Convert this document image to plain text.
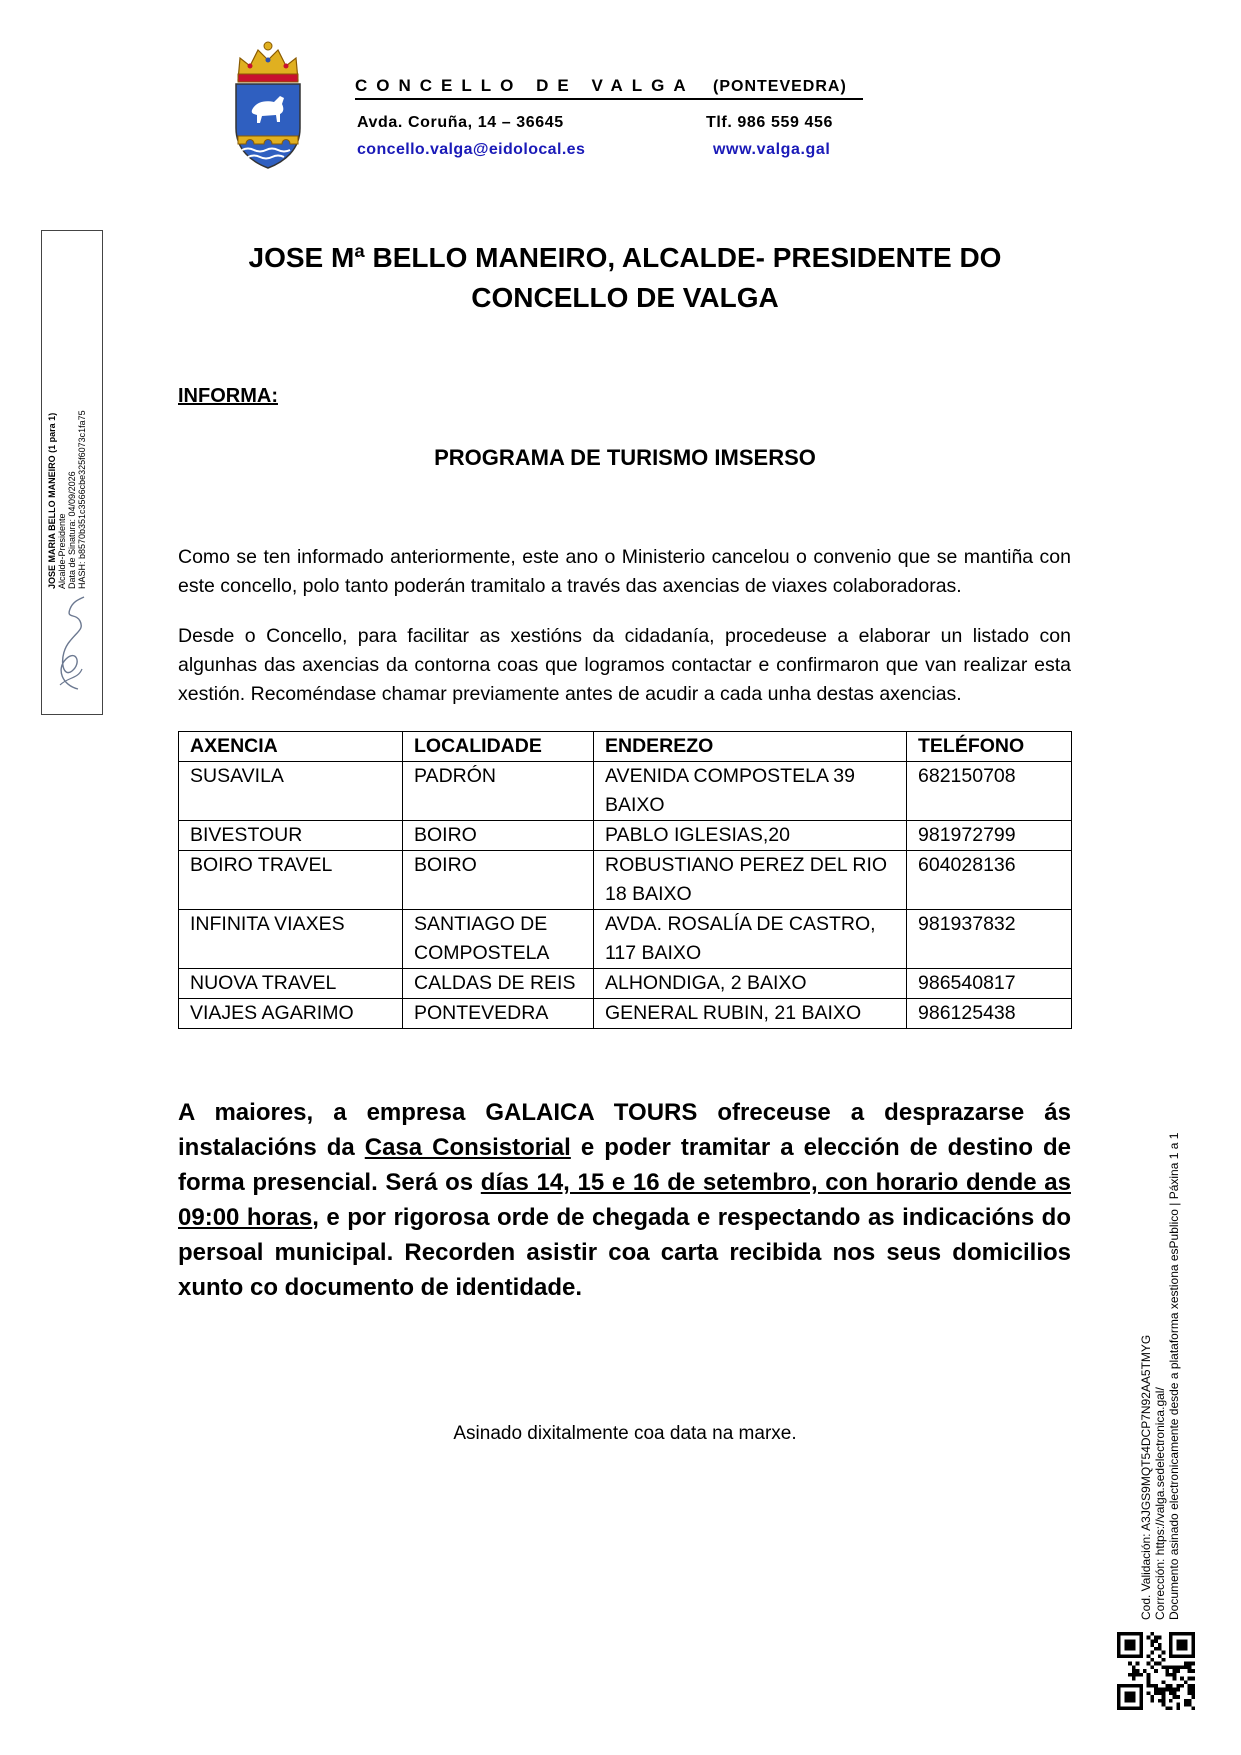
CONCELLO DE VALGA (PONTEVEDRA)
Avda. Coruña, 14 – 36645	Tlf. 986 559 456
concello.valga@eidolocal.es	www.valga.gal
JOSE MARIA BELLO MANEIRO (1 para 1) Alcalde-Presidente Data de Sinatura: 04/09/2026 HASH: b8570b351c3566cbe325f6073c1fa75
JOSE Mª BELLO MANEIRO, ALCALDE- PRESIDENTE DO
CONCELLO DE VALGA
INFORMA:
PROGRAMA DE TURISMO IMSERSO
Como se ten informado anteriormente, este ano o Ministerio cancelou o convenio que se mantiña con este concello, polo tanto poderán tramitalo a través das axencias de viaxes colaboradoras.
Desde o Concello, para facilitar as xestións da cidadanía, procedeuse a elaborar un listado con algunhas das axencias da contorna coas que logramos contactar e confirmaron que van realizar esta xestión. Recoméndase chamar previamente antes de acudir a cada unha destas axencias.
AXENCIA	LOCALIDADE	ENDEREZO	TELÉFONO
SUSAVILA	PADRÓN	AVENIDA COMPOSTELA 39 BAIXO	682150708
BIVESTOUR	BOIRO	PABLO IGLESIAS,20	981972799
BOIRO TRAVEL	BOIRO	ROBUSTIANO PEREZ DEL RIO 18 BAIXO	604028136
INFINITA VIAXES	SANTIAGO DE COMPOSTELA	AVDA. ROSALÍA DE CASTRO, 117 BAIXO	981937832
NUOVA TRAVEL	CALDAS DE REIS	ALHONDIGA, 2 BAIXO	986540817
VIAJES AGARIMO	PONTEVEDRA	GENERAL RUBIN, 21 BAIXO	986125438
A maiores, a empresa GALAICA TOURS ofreceuse a desprazarse ás instalacións da Casa Consistorial e poder tramitar a elección de destino de forma presencial. Será os días 14, 15 e 16 de setembro, con horario dende as 09:00 horas, e por rigorosa orde de chegada e respectando as indicacións do persoal municipal. Recorden asistir coa carta recibida nos seus domicilios xunto co documento de identidade.
Asinado dixitalmente coa data na marxe.	Cod. Validación: A3JGS9MQT54DCP7N92AA5TMYG Corrección: https://valga.sedelectronica.gal/ Documento asinado electronicamente desde a plataforma xestiona esPublico | Páxina 1 a 1
